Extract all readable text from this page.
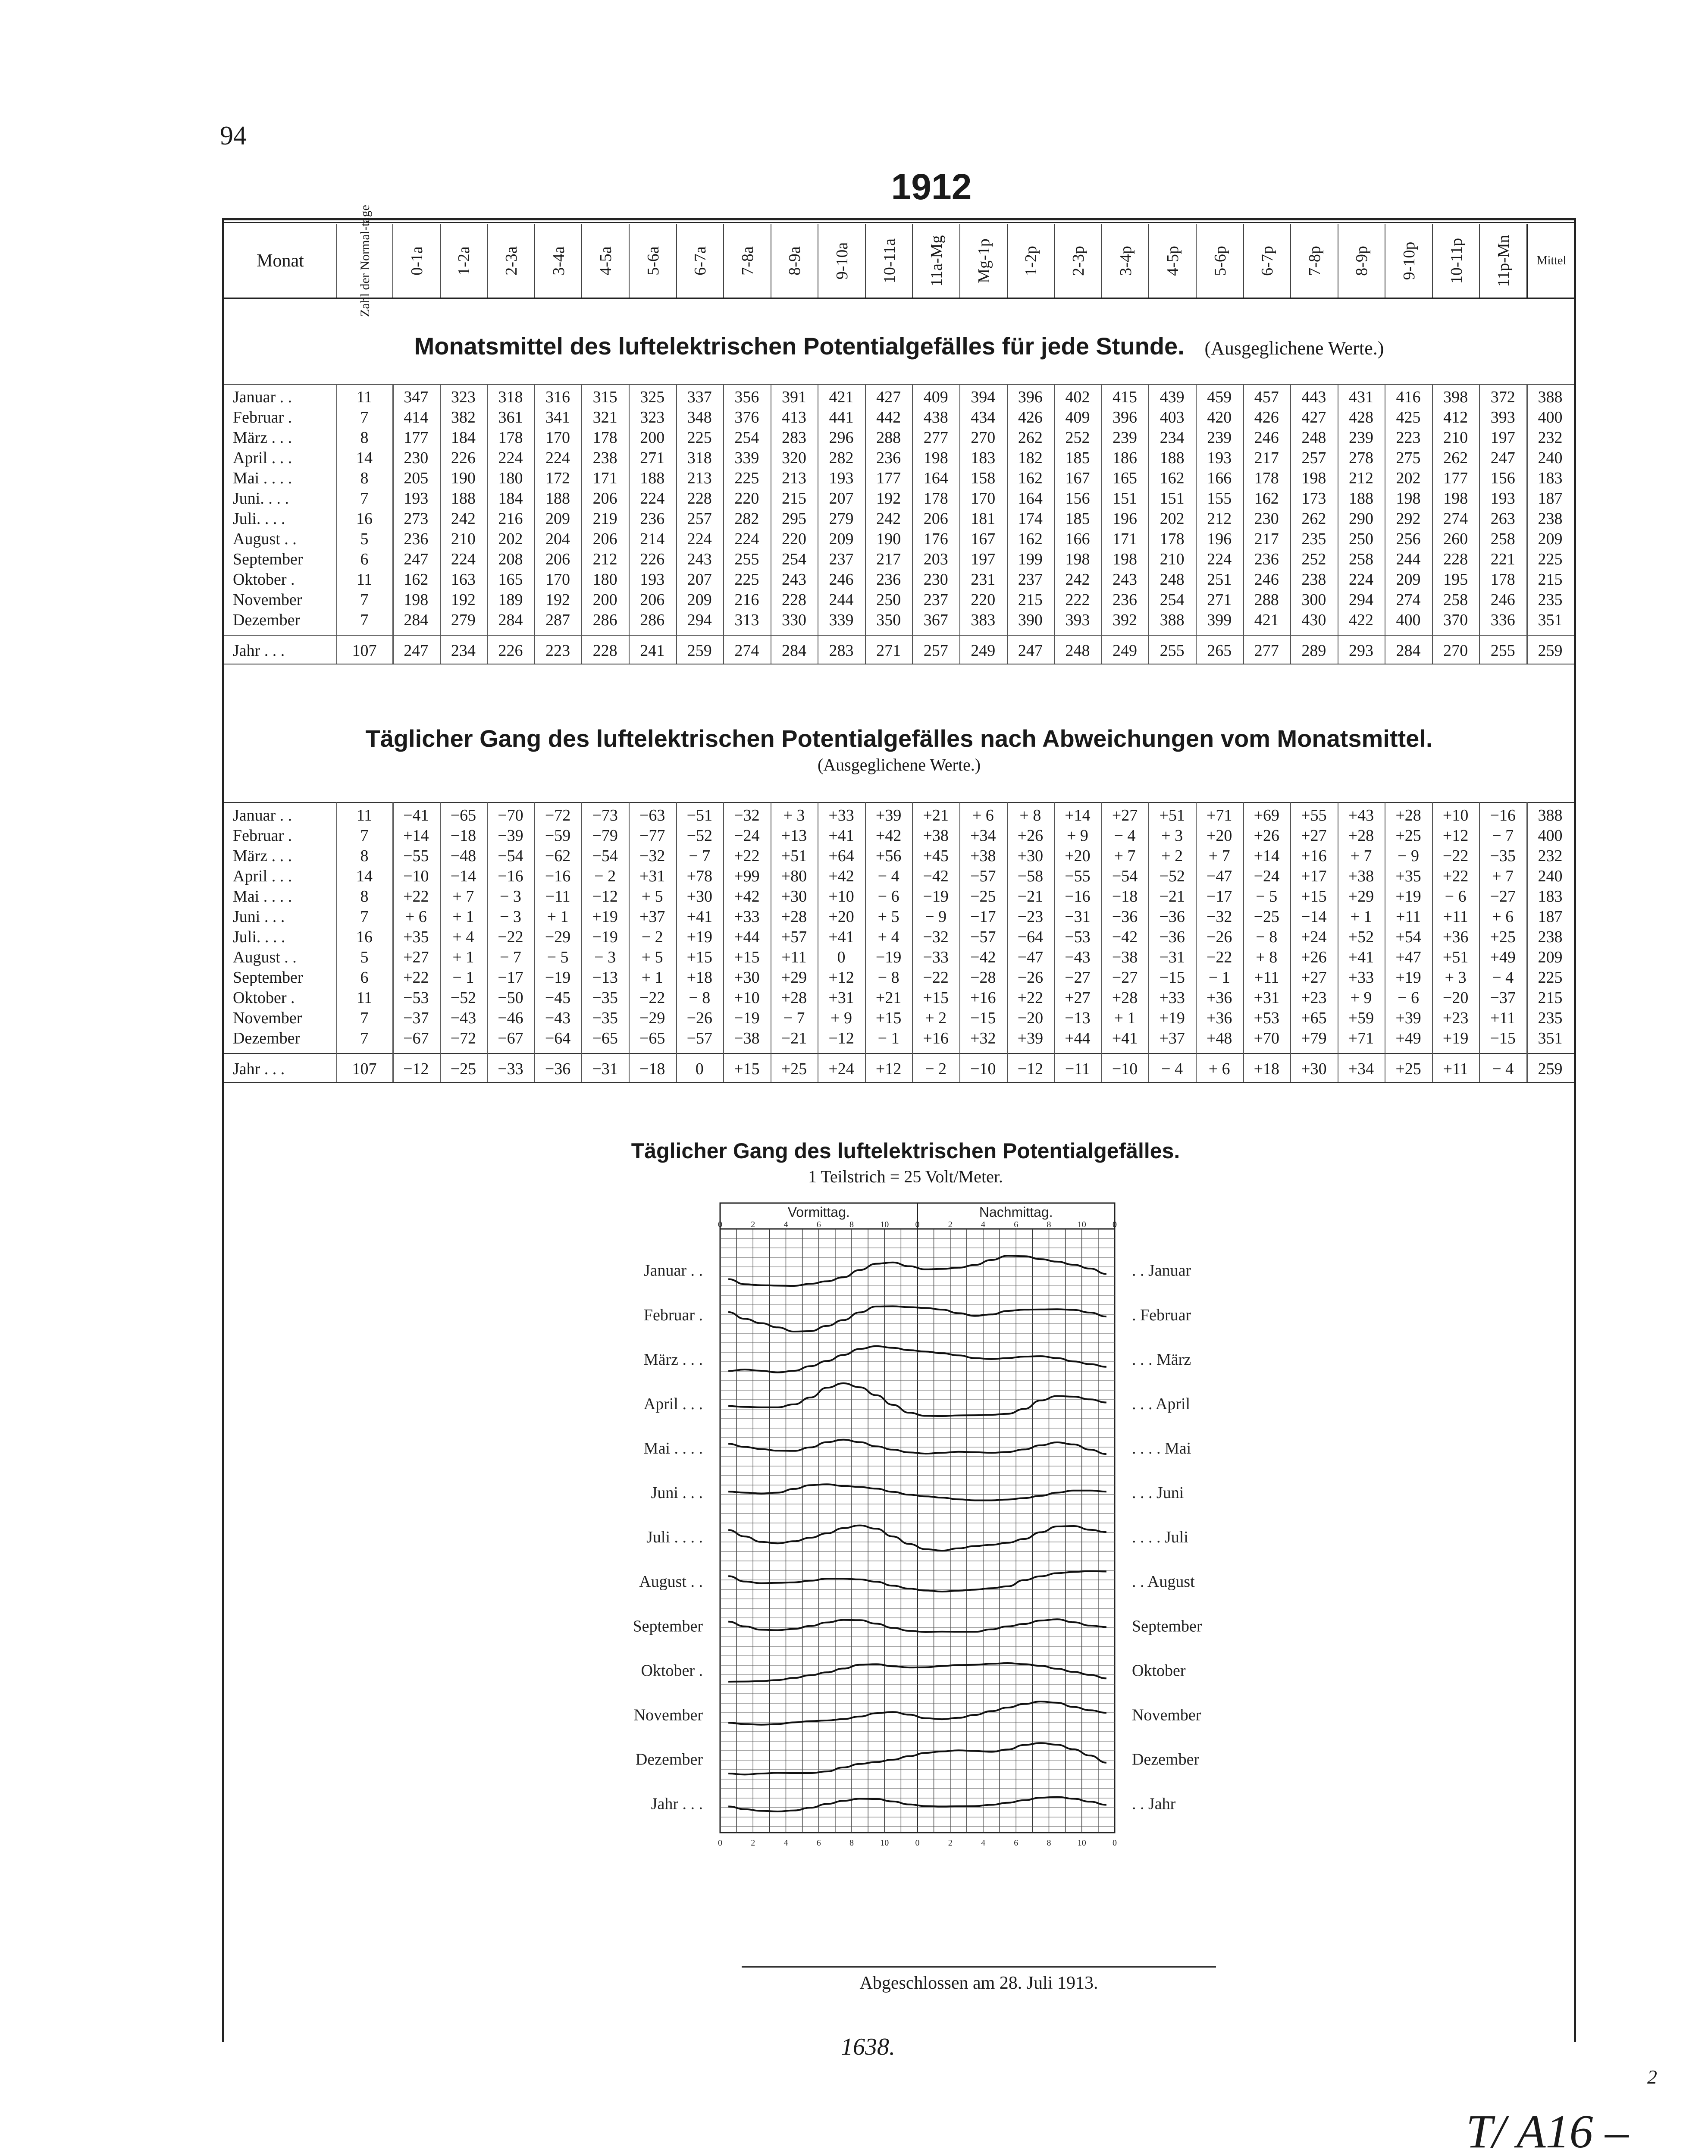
94
1912
Monat	Zahl der Normal-tage 0-1a 1-2a 2-3a 3-4a 4-5a 5-6a 6-7a 7-8a 8-9a 9-10a 10-11a 11a-Mg Mg-1p 1-2p 2-3p 3-4p 4-5p 5-6p 6-7p 7-8p 8-9p 9-10p 10-11p 11p-Mn	Mittel
Monatsmittel des luftelektrischen Potentialgefälles für jede Stunde. (Ausgeglichene Werte.)
Januar . .	11	347	323	318	316	315	325	337	356	391	421	427	409	394	396	402	415	439	459	457	443	431	416	398	372	388
Februar .	7	414	382	361	341	321	323	348	376	413	441	442	438	434	426	409	396	403	420	426	427	428	425	412	393	400
März . . .	8	177	184	178	170	178	200	225	254	283	296	288	277	270	262	252	239	234	239	246	248	239	223	210	197	232
April . . .	14	230	226	224	224	238	271	318	339	320	282	236	198	183	182	185	186	188	193	217	257	278	275	262	247	240
Mai . . . .	8	205	190	180	172	171	188	213	225	213	193	177	164	158	162	167	165	162	166	178	198	212	202	177	156	183
Juni. . . .	7	193	188	184	188	206	224	228	220	215	207	192	178	170	164	156	151	151	155	162	173	188	198	198	193	187
Juli. . . .	16	273	242	216	209	219	236	257	282	295	279	242	206	181	174	185	196	202	212	230	262	290	292	274	263	238
August . .	5	236	210	202	204	206	214	224	224	220	209	190	176	167	162	166	171	178	196	217	235	250	256	260	258	209
September	6	247	224	208	206	212	226	243	255	254	237	217	203	197	199	198	198	210	224	236	252	258	244	228	221	225
Oktober .	11	162	163	165	170	180	193	207	225	243	246	236	230	231	237	242	243	248	251	246	238	224	209	195	178	215
November	7	198	192	189	192	200	206	209	216	228	244	250	237	220	215	222	236	254	271	288	300	294	274	258	246	235
Dezember	7	284	279	284	287	286	286	294	313	330	339	350	367	383	390	393	392	388	399	421	430	422	400	370	336	351
Jahr . . .	107	247	234	226	223	228	241	259	274	284	283	271	257	249	247	248	249	255	265	277	289	293	284	270	255	259
Täglicher Gang des luftelektrischen Potentialgefälles nach Abweichungen vom Monatsmittel.
(Ausgeglichene Werte.)
Januar . .	11	−41	−65	−70	−72	−73	−63	−51	−32	+ 3	+33	+39	+21	+ 6	+ 8	+14	+27	+51	+71	+69	+55	+43	+28	+10	−16	388
Februar .	7	+14	−18	−39	−59	−79	−77	−52	−24	+13	+41	+42	+38	+34	+26	+ 9	− 4	+ 3	+20	+26	+27	+28	+25	+12	− 7	400
März . . .	8	−55	−48	−54	−62	−54	−32	− 7	+22	+51	+64	+56	+45	+38	+30	+20	+ 7	+ 2	+ 7	+14	+16	+ 7	− 9	−22	−35	232
April . . .	14	−10	−14	−16	−16	− 2	+31	+78	+99	+80	+42	− 4	−42	−57	−58	−55	−54	−52	−47	−24	+17	+38	+35	+22	+ 7	240
Mai . . . .	8	+22	+ 7	− 3	−11	−12	+ 5	+30	+42	+30	+10	− 6	−19	−25	−21	−16	−18	−21	−17	− 5	+15	+29	+19	− 6	−27	183
Juni . . .	7	+ 6	+ 1	− 3	+ 1	+19	+37	+41	+33	+28	+20	+ 5	− 9	−17	−23	−31	−36	−36	−32	−25	−14	+ 1	+11	+11	+ 6	187
Juli. . . .	16	+35	+ 4	−22	−29	−19	− 2	+19	+44	+57	+41	+ 4	−32	−57	−64	−53	−42	−36	−26	− 8	+24	+52	+54	+36	+25	238
August . .	5	+27	+ 1	− 7	− 5	− 3	+ 5	+15	+15	+11	0	−19	−33	−42	−47	−43	−38	−31	−22	+ 8	+26	+41	+47	+51	+49	209
September	6	+22	− 1	−17	−19	−13	+ 1	+18	+30	+29	+12	− 8	−22	−28	−26	−27	−27	−15	− 1	+11	+27	+33	+19	+ 3	− 4	225
Oktober .	11	−53	−52	−50	−45	−35	−22	− 8	+10	+28	+31	+21	+15	+16	+22	+27	+28	+33	+36	+31	+23	+ 9	− 6	−20	−37	215
November	7	−37	−43	−46	−43	−35	−29	−26	−19	− 7	+ 9	+15	+ 2	−15	−20	−13	+ 1	+19	+36	+53	+65	+59	+39	+23	+11	235
Dezember	7	−67	−72	−67	−64	−65	−65	−57	−38	−21	−12	− 1	+16	+32	+39	+44	+41	+37	+48	+70	+79	+71	+49	+19	−15	351
Jahr . . .	107	−12	−25	−33	−36	−31	−18	0	+15	+25	+24	+12	− 2	−10	−12	−11	−10	− 4	+ 6	+18	+30	+34	+25	+11	− 4	259
Täglicher Gang des luftelektrischen Potentialgefälles.
1 Teilstrich = 25 Volt/Meter.
Vormittag.	Nachmittag.
0
0
2
2
4
4
6
6
8
8
10
10
0
0
2
2
4
4
6
6
8
8
10
10
0
0
Januar . .	. . Januar
Februar .	. Februar
März . . .	. . . März
April . . .	. . . April
Mai . . . .	. . . . Mai
Juni . . .	. . . Juni
Juli . . . .	. . . . Juli
August . .	. . August
September	September
Oktober .	Oktober
November	November
Dezember	Dezember
Jahr . . .	. . Jahr
Abgeschlossen am 28. Juli 1913.
1638.
T/ A16 –
2
